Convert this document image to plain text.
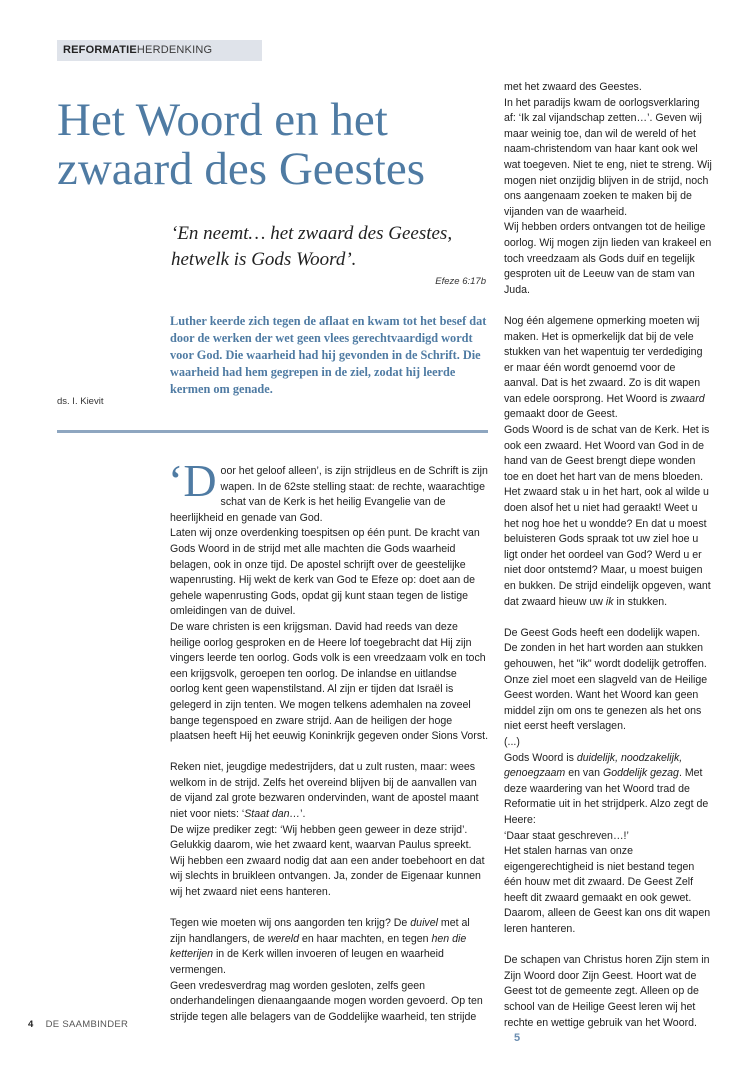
REFORMATIEHERDENKING
Het Woord en het zwaard des Geestes

‘En neemt… het zwaard des Geestes, hetwelk is Gods Woord’.

Efeze 6:17b

Luther keerde zich tegen de aflaat en kwam tot het besef dat door de werken der wet geen vlees gerechtvaardigd wordt voor God. Die waarheid had hij gevonden in de Schrift. Die waarheid had hem gegrepen in de ziel, zodat hij leerde kermen om genade.

ds. I. Kievit

‘Door het geloof alleen’, is zijn strijdleus en de Schrift is zijn wapen. In de 62ste stelling staat: de rechte, waarachtige schat van de Kerk is het heilig Evangelie van de heerlijkheid en genade van God.

Laten wij onze overdenking toespitsen op één punt. De kracht van Gods Woord in de strijd met alle machten die Gods waarheid belagen, ook in onze tijd. De apostel schrijft over de geestelijke wapenrusting. Hij wekt de kerk van God te Efeze op: doet aan de gehele wapenrusting Gods, opdat gij kunt staan tegen de listige omleidingen van de duivel.

De ware christen is een krijgsman. David had reeds van deze heilige oorlog gesproken en de Heere lof toegebracht dat Hij zijn vingers leerde ten oorlog. Gods volk is een vreedzaam volk en toch een krijgsvolk, geroepen ten oorlog. De inlandse en uitlandse oorlog kent geen wapenstilstand. Al zijn er tijden dat Israël is gelegerd in zijn tenten. We mogen telkens ademhalen na zoveel bange tegenspoed en zware strijd. Aan de heiligen der hoge plaatsen heeft Hij het eeuwig Koninkrijk gegeven onder Sions Vorst.

Reken niet, jeugdige medestrijders, dat u zult rusten, maar: wees welkom in de strijd. Zelfs het overeind blijven bij de aanvallen van de vijand zal grote bezwaren ondervinden, want de apostel maant niet voor niets: ‘Staat dan…’.

De wijze prediker zegt: ‘Wij hebben geen geweer in deze strijd’. Gelukkig daarom, wie het zwaard kent, waarvan Paulus spreekt. Wij hebben een zwaard nodig dat aan een ander toebehoort en dat wij slechts in bruikleen ontvangen. Ja, zonder de Eigenaar kunnen wij het zwaard niet eens hanteren.

Tegen wie moeten wij ons aangorden ten krijg? De duivel met al zijn handlangers, de wereld en haar machten, en tegen hen die ketterijen in de Kerk willen invoeren of leugen en waarheid vermengen.

Geen vredesverdrag mag worden gesloten, zelfs geen onderhandelingen dienaangaande mogen worden gevoerd. Op ten strijde tegen alle belagers van de Goddelijke waarheid, ten strijde

met het zwaard des Geestes.

In het paradijs kwam de oorlogsverklaring af: ‘Ik zal vijandschap zetten…’. Geven wij maar weinig toe, dan wil de wereld of het naam-christendom van haar kant ook wel wat toegeven. Niet te eng, niet te streng. Wij mogen niet onzijdig blijven in de strijd, noch ons aangenaam zoeken te maken bij de vijanden van de waarheid.

Wij hebben orders ontvangen tot de heilige oorlog. Wij mogen zijn lieden van krakeel en toch vreedzaam als Gods duif en tegelijk gesproten uit de Leeuw van de stam van Juda.

Nog één algemene opmerking moeten wij maken. Het is opmerkelijk dat bij de vele stukken van het wapentuig ter verdediging er maar één wordt genoemd voor de aanval. Dat is het zwaard. Zo is dit wapen van edele oorsprong. Het Woord is zwaard gemaakt door de Geest.

Gods Woord is de schat van de Kerk. Het is ook een zwaard. Het Woord van God in de hand van de Geest brengt diepe wonden toe en doet het hart van de mens bloeden. Het zwaard stak u in het hart, ook al wilde u doen alsof het u niet had geraakt! Weet u het nog hoe het u wondde? En dat u moest beluisteren Gods spraak tot uw ziel hoe u ligt onder het oordeel van God? Werd u er niet door ontstemd? Maar, u moest buigen en bukken. De strijd eindelijk opgeven, want dat zwaard hieuw uw ik in stukken.

De Geest Gods heeft een dodelijk wapen. De zonden in het hart worden aan stukken gehouwen, het "ik" wordt dodelijk getroffen. Onze ziel moet een slagveld van de Heilige Geest worden. Want het Woord kan geen middel zijn om ons te genezen als het ons niet eerst heeft verslagen.

(...)

Gods Woord is duidelijk, noodzakelijk, genoegzaam en van Goddelijk gezag. Met deze waardering van het Woord trad de Reformatie uit in het strijdperk. Alzo zegt de Heere:

‘Daar staat geschreven…!’

Het stalen harnas van onze eigengerechtigheid is niet bestand tegen één houw met dit zwaard. De Geest Zelf heeft dit zwaard gemaakt en ook gewet. Daarom, alleen de Geest kan ons dit wapen leren hanteren.

De schapen van Christus horen Zijn stem in Zijn Woord door Zijn Geest. Hoort wat de Geest tot de gemeente zegt. Alleen op de school van de Heilige Geest leren wij het rechte en wettige gebruik van het Woord.5

4 DE SAAMBINDER
